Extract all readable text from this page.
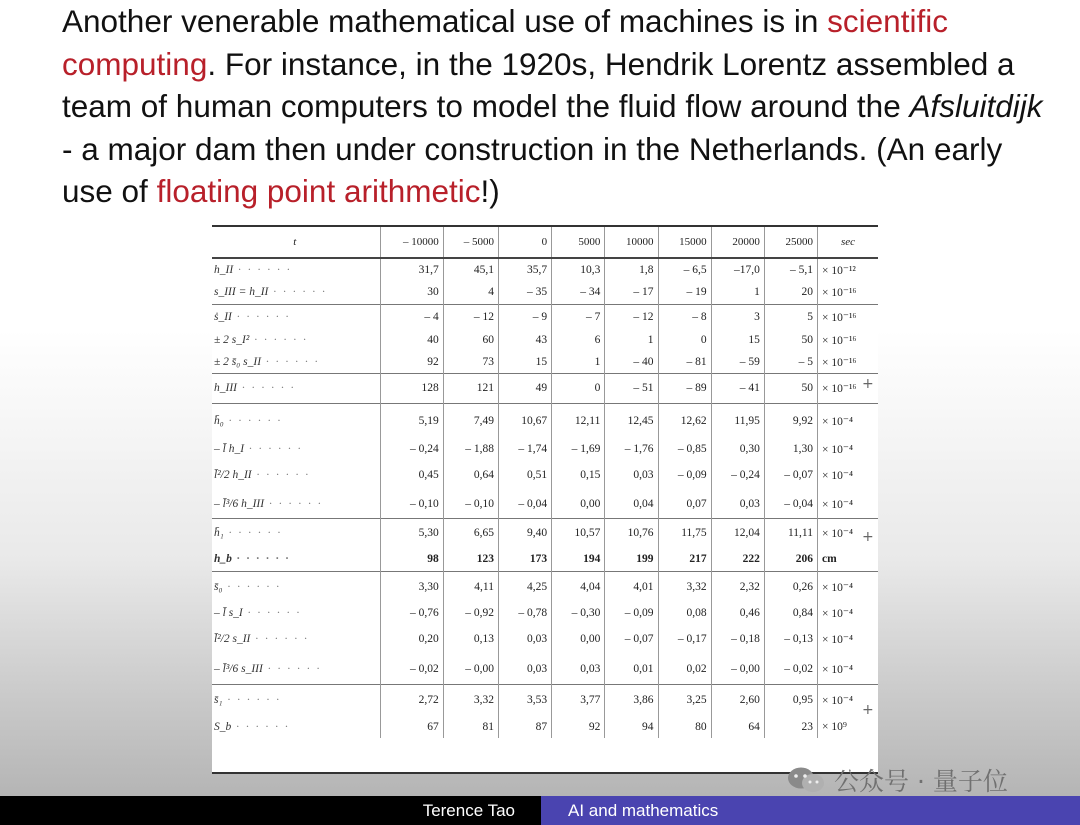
Another venerable mathematical use of machines is in scientific computing. For instance, in the 1920s, Hendrik Lorentz assembled a team of human computers to model the fluid flow around the Afsluitdijk - a major dam then under construction in the Netherlands. (An early use of floating point arithmetic!)

t	– 10000	– 5000	0	5000	10000	15000	20000	25000	sec
h_II · · · · · ·	31,7	45,1	35,7	10,3	1,8	– 6,5	–17,0	– 5,1	× 10⁻¹²
s_III = h_II · · · · · ·	30	4	– 35	– 34	– 17	– 19	1	20	× 10⁻¹⁶
ṡ_II · · · · · ·	– 4	– 12	– 9	– 7	– 12	– 8	3	5	× 10⁻¹⁶
± 2 s_I² · · · · · ·	40	60	43	6	1	0	15	50	× 10⁻¹⁶
± 2 s̄₀ s_II · · · · · ·	92	73	15	1	– 40	– 81	– 59	– 5	× 10⁻¹⁶
h_III · · · · · ·	128	121	49	0	– 51	– 89	– 41	50	× 10⁻¹⁶
h̄₀ · · · · · ·	5,19	7,49	10,67	12,11	12,45	12,62	11,95	9,92	× 10⁻⁴
– l̄ h_I · · · · · ·	– 0,24	– 1,88	– 1,74	– 1,69	– 1,76	– 0,85	0,30	1,30	× 10⁻⁴
l̄²/2 h_II · · · · · ·	0,45	0,64	0,51	0,15	0,03	– 0,09	– 0,24	– 0,07	× 10⁻⁴
– l̄³/6 h_III · · · · · ·	– 0,10	– 0,10	– 0,04	0,00	0,04	0,07	0,03	– 0,04	× 10⁻⁴
h̄₁ · · · · · ·	5,30	6,65	9,40	10,57	10,76	11,75	12,04	11,11	× 10⁻⁴
h_b · · · · · ·	98	123	173	194	199	217	222	206	cm
s̄₀ · · · · · ·	3,30	4,11	4,25	4,04	4,01	3,32	2,32	0,26	× 10⁻⁴
– l̄ s_I · · · · · ·	– 0,76	– 0,92	– 0,78	– 0,30	– 0,09	0,08	0,46	0,84	× 10⁻⁴
l̄²/2 s_II · · · · · ·	0,20	0,13	0,03	0,00	– 0,07	– 0,17	– 0,18	– 0,13	× 10⁻⁴
– l̄³/6 s_III · · · · · ·	– 0,02	– 0,00	0,03	0,03	0,01	0,02	– 0,00	– 0,02	× 10⁻⁴
s̄₁ · · · · · ·	2,72	3,32	3,53	3,77	3,86	3,25	2,60	0,95	× 10⁻⁴
S_b · · · · · ·	67	81	87	92	94	80	64	23	× 10⁹
+
+
+
公众号 · 量子位
Terence Tao	AI and mathematics
